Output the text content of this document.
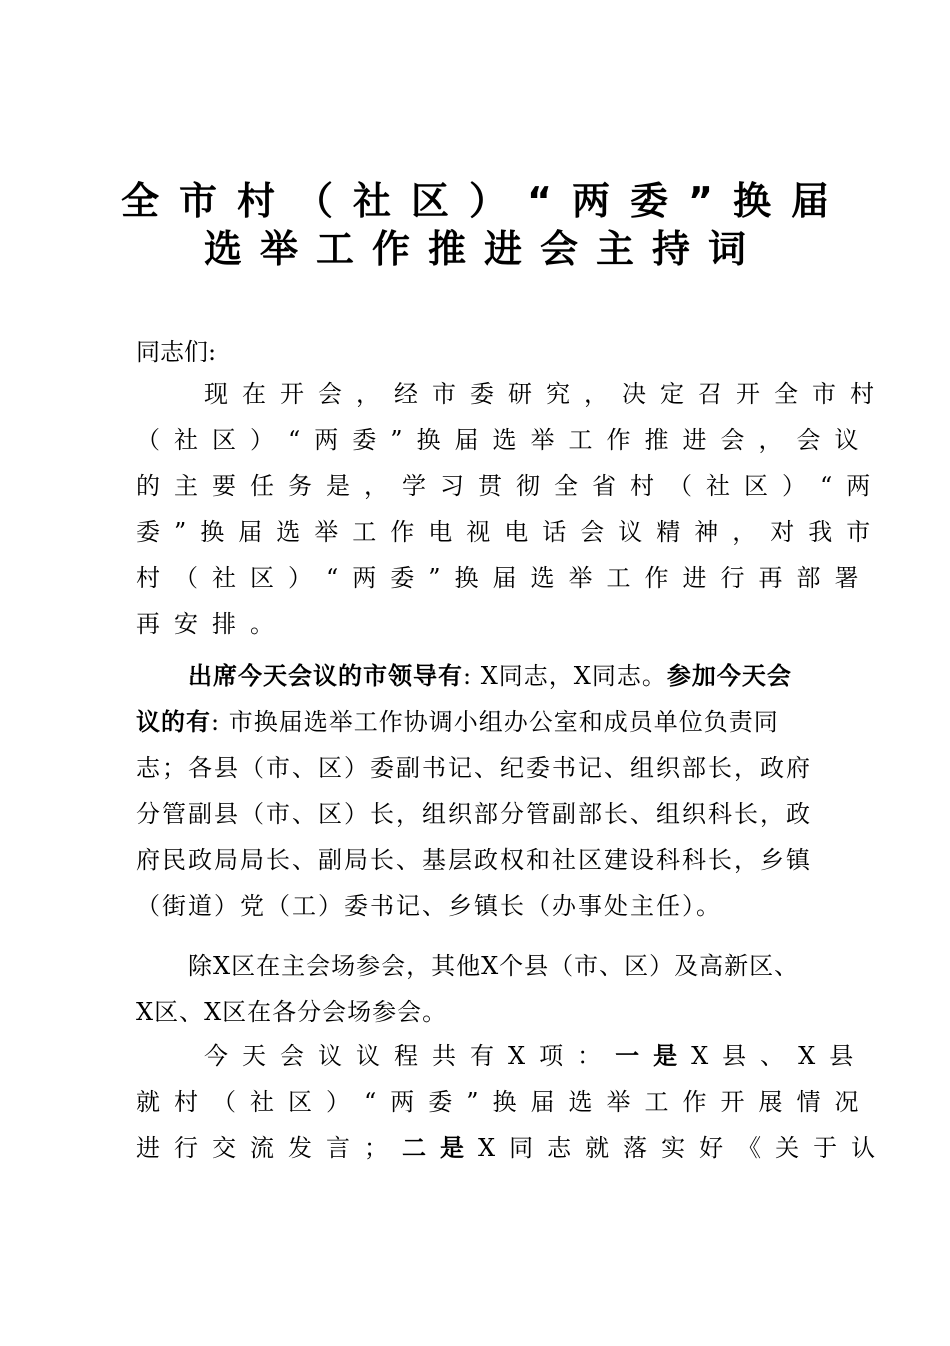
全市村（社区）“两委”换届
选举工作推进会主持词
同志们:
现在开会，经市委研究，决定召开全市村
（社区）“两委”换届选举工作推进会，会议
的主要任务是，学习贯彻全省村（社区）“两
委”换届选举工作电视电话会议精神，对我市
村（社区）“两委”换届选举工作进行再部署
再安排。
出席今天会议的市领导有: X同志，X同志。参加今天会
议的有: 市换届选举工作协调小组办公室和成员单位负责同
志；各县（市、区）委副书记、纪委书记、组织部长，政府
分管副县（市、区）长，组织部分管副部长、组织科长，政
府民政局局长、副局长、基层政权和社区建设科科长，乡镇
（街道）党（工）委书记、乡镇长（办事处主任）。
除X区在主会场参会，其他X个县（市、区）及高新区、
X区、X区在各分会场参会。
今天会议议程共有X项：一是X县、X县
就村（社区）“两委”换届选举工作开展情况
进行交流发言；二是X同志就落实好《关于认
